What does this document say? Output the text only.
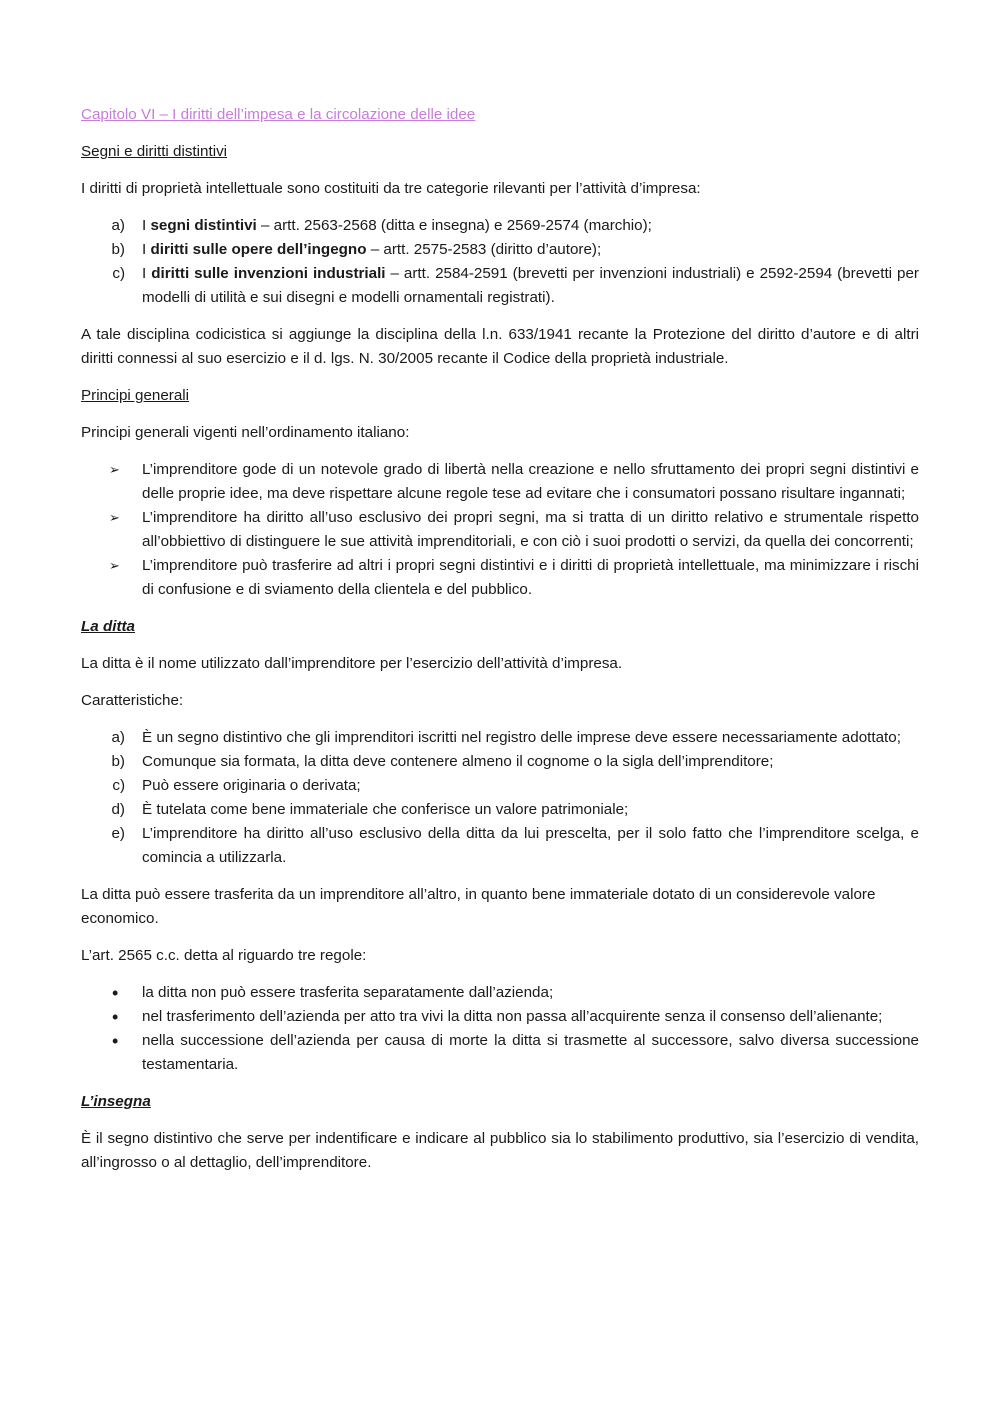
Capitolo VI – I diritti dell’impesa e la circolazione delle idee

Segni e diritti distintivi

I diritti di proprietà intellettuale sono costituiti da tre categorie rilevanti per l’attività d’impresa:

a) I segni distintivi – artt. 2563-2568 (ditta e insegna) e 2569-2574 (marchio);
b) I diritti sulle opere dell’ingegno – artt. 2575-2583 (diritto d’autore);
c) I diritti sulle invenzioni industriali – artt. 2584-2591 (brevetti per invenzioni industriali) e 2592-2594 (brevetti per modelli di utilità e sui disegni e modelli ornamentali registrati).

A tale disciplina codicistica si aggiunge la disciplina della l.n. 633/1941 recante la Protezione del diritto d’autore e di altri diritti connessi al suo esercizio e il d. lgs. N. 30/2005 recante il Codice della proprietà industriale.

Principi generali

Principi generali vigenti nell’ordinamento italiano:

➢ L’imprenditore gode di un notevole grado di libertà nella creazione e nello sfruttamento dei propri segni distintivi e delle proprie idee, ma deve rispettare alcune regole tese ad evitare che i consumatori possano risultare ingannati;
➢ L’imprenditore ha diritto all’uso esclusivo dei propri segni, ma si tratta di un diritto relativo e strumentale rispetto all’obbiettivo di distinguere le sue attività imprenditoriali, e con ciò i suoi prodotti o servizi, da quella dei concorrenti;
➢ L’imprenditore può trasferire ad altri i propri segni distintivi e i diritti di proprietà intellettuale, ma minimizzare i rischi di confusione e di sviamento della clientela e del pubblico.

La ditta

La ditta è il nome utilizzato dall’imprenditore per l’esercizio dell’attività d’impresa.

Caratteristiche:

a) È un segno distintivo che gli imprenditori iscritti nel registro delle imprese deve essere necessariamente adottato;
b) Comunque sia formata, la ditta deve contenere almeno il cognome o la sigla dell’imprenditore;
c) Può essere originaria o derivata;
d) È tutelata come bene immateriale che conferisce un valore patrimoniale;
e) L’imprenditore ha diritto all’uso esclusivo della ditta da lui prescelta, per il solo fatto che l’imprenditore scelga, e comincia a utilizzarla.

La ditta può essere trasferita da un imprenditore all’altro, in quanto bene immateriale dotato di un considerevole valore economico.

L’art. 2565 c.c. detta al riguardo tre regole:

• la ditta non può essere trasferita separatamente dall’azienda;
• nel trasferimento dell’azienda per atto tra vivi la ditta non passa all’acquirente senza il consenso dell’alienante;
• nella successione dell’azienda per causa di morte la ditta si trasmette al successore, salvo diversa successione testamentaria.

L’insegna

È il segno distintivo che serve per indentificare e indicare al pubblico sia lo stabilimento produttivo, sia l’esercizio di vendita, all’ingrosso o al dettaglio, dell’imprenditore.
